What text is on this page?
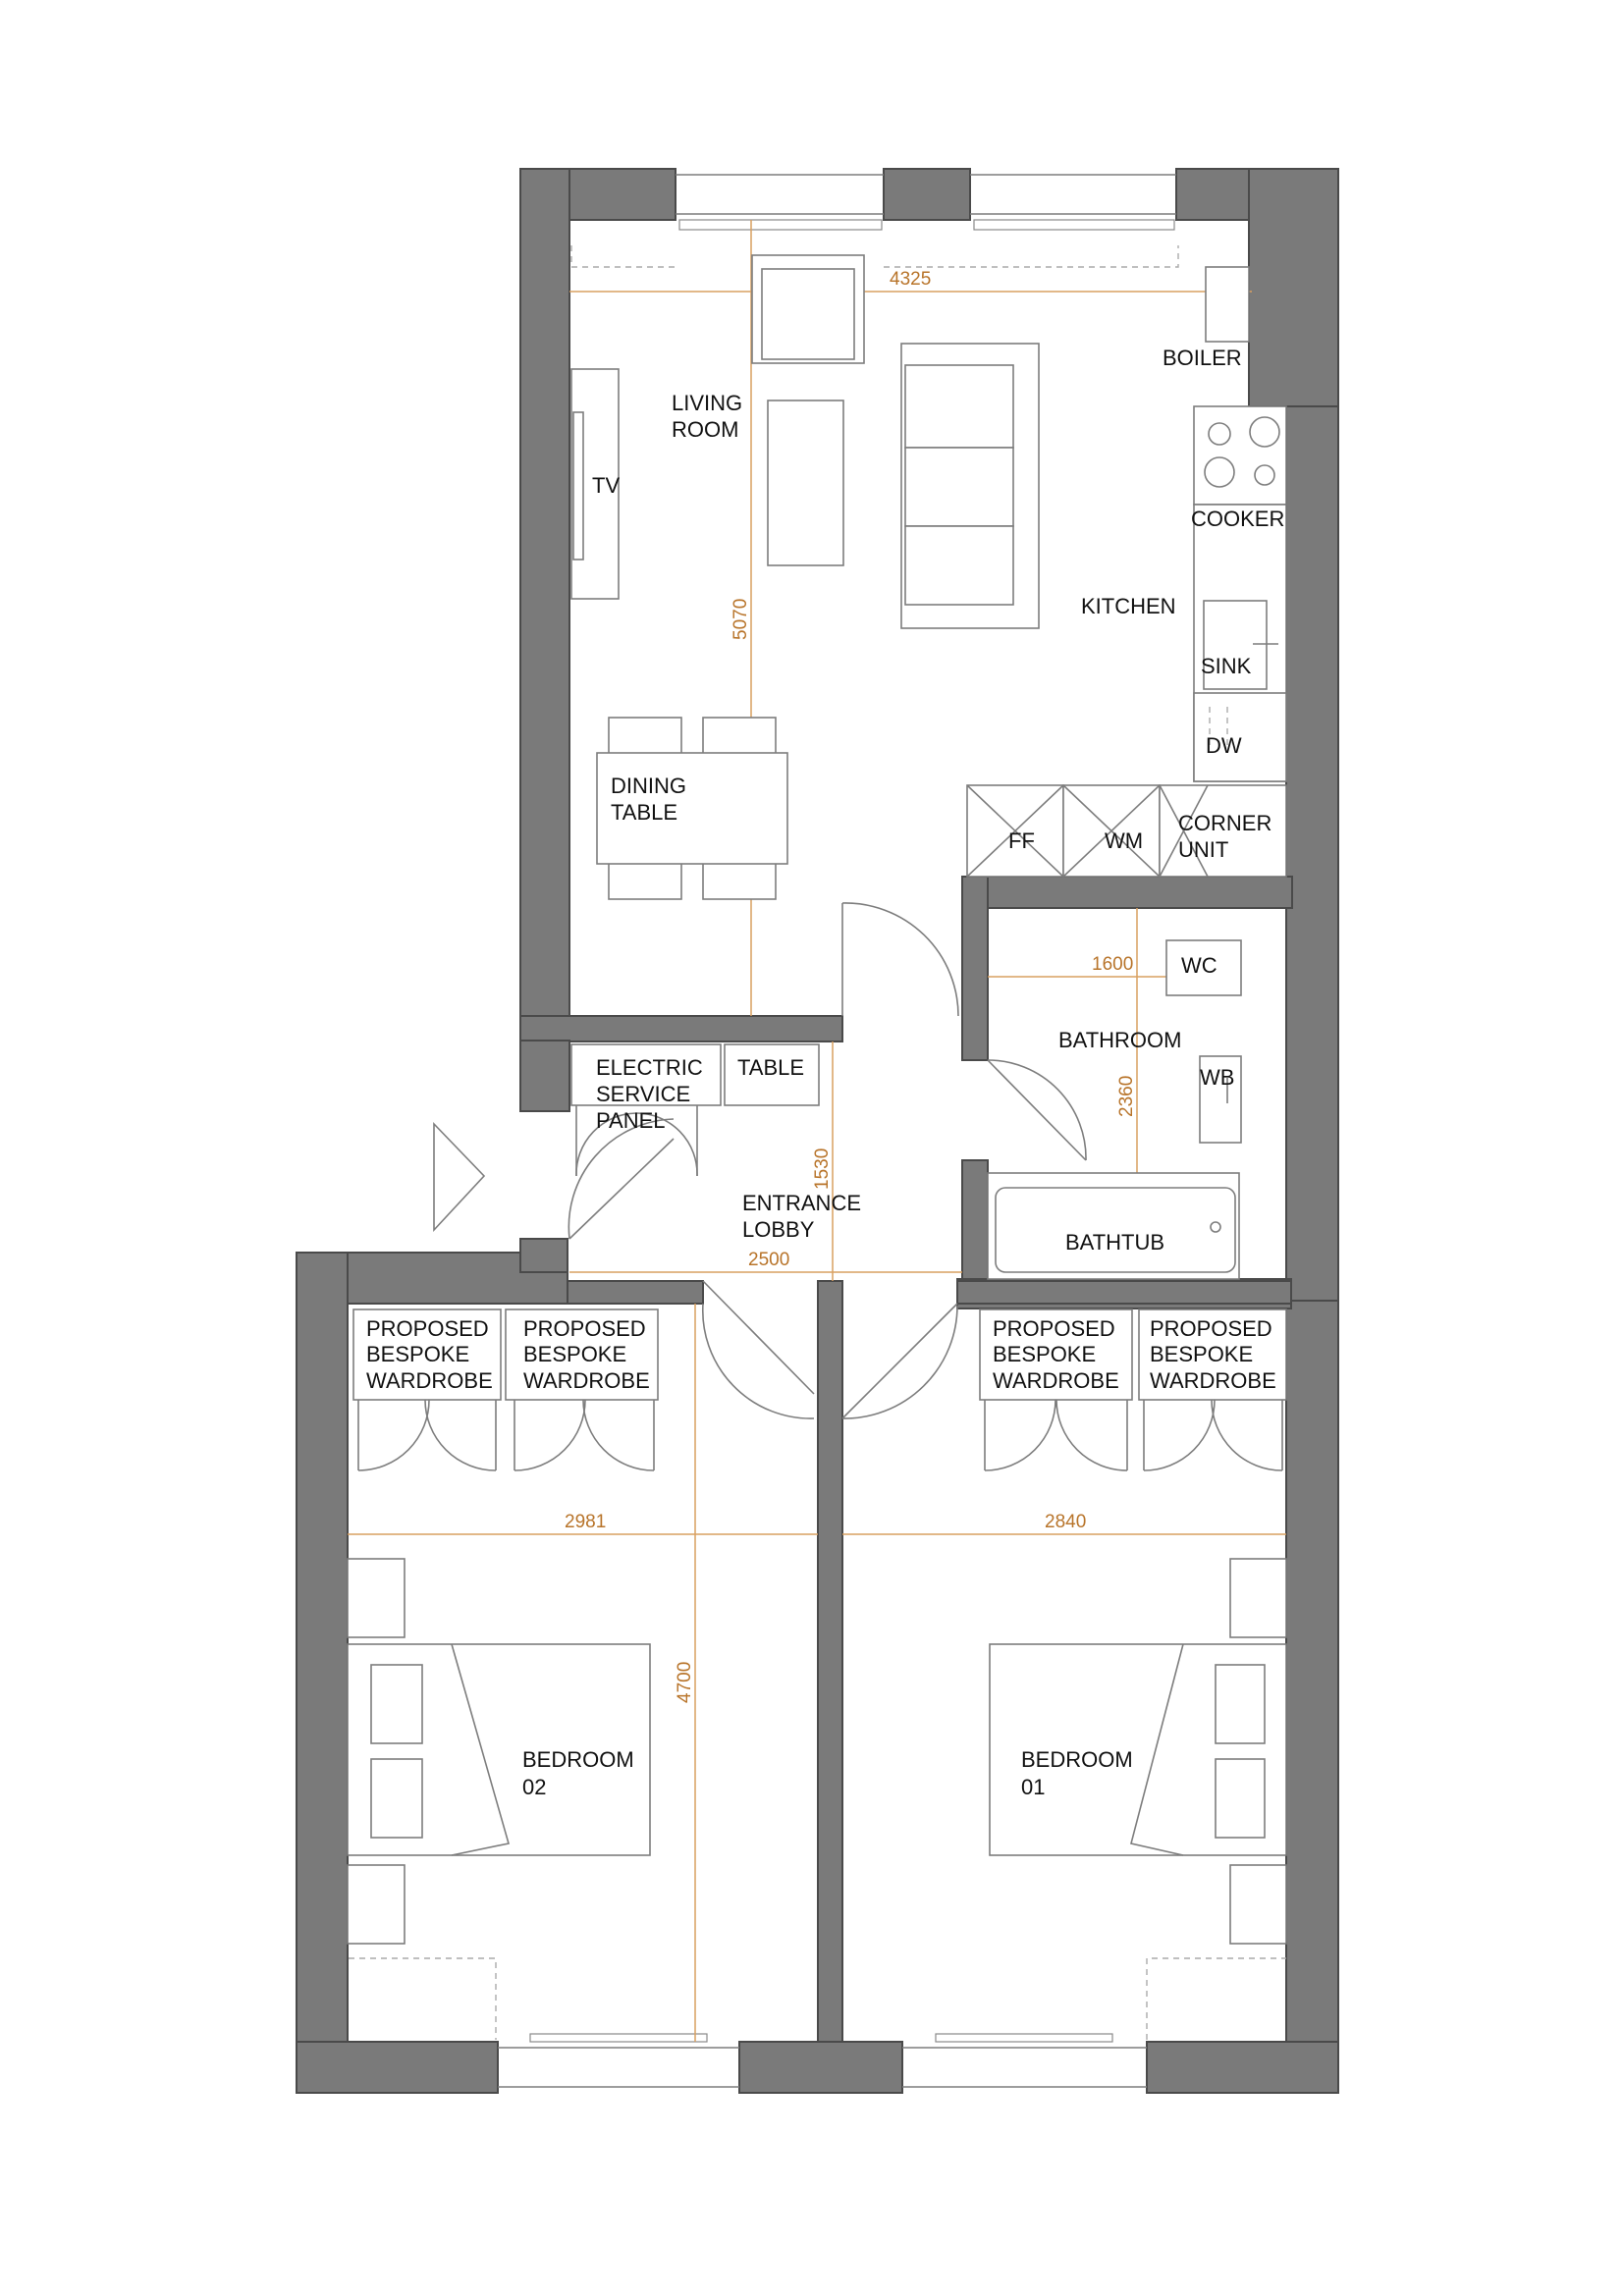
LIVING
ROOM
TV
BOILER
COOKER
KITCHEN
SINK
DW
DINING
TABLE
FF	WM
CORNER
UNIT
WC
BATHROOM
WB
BATHTUB
ELECTRIC
SERVICE
PANEL
TABLE
ENTRANCE
LOBBY
PROPOSED
BESPOKE
WARDROBE
PROPOSED
BESPOKE
WARDROBE
PROPOSED
BESPOKE
WARDROBE
PROPOSED
BESPOKE
WARDROBE
BEDROOM
02
BEDROOM
01
4325
5070
1600
2360
1530
2500
2981	2840
4700
